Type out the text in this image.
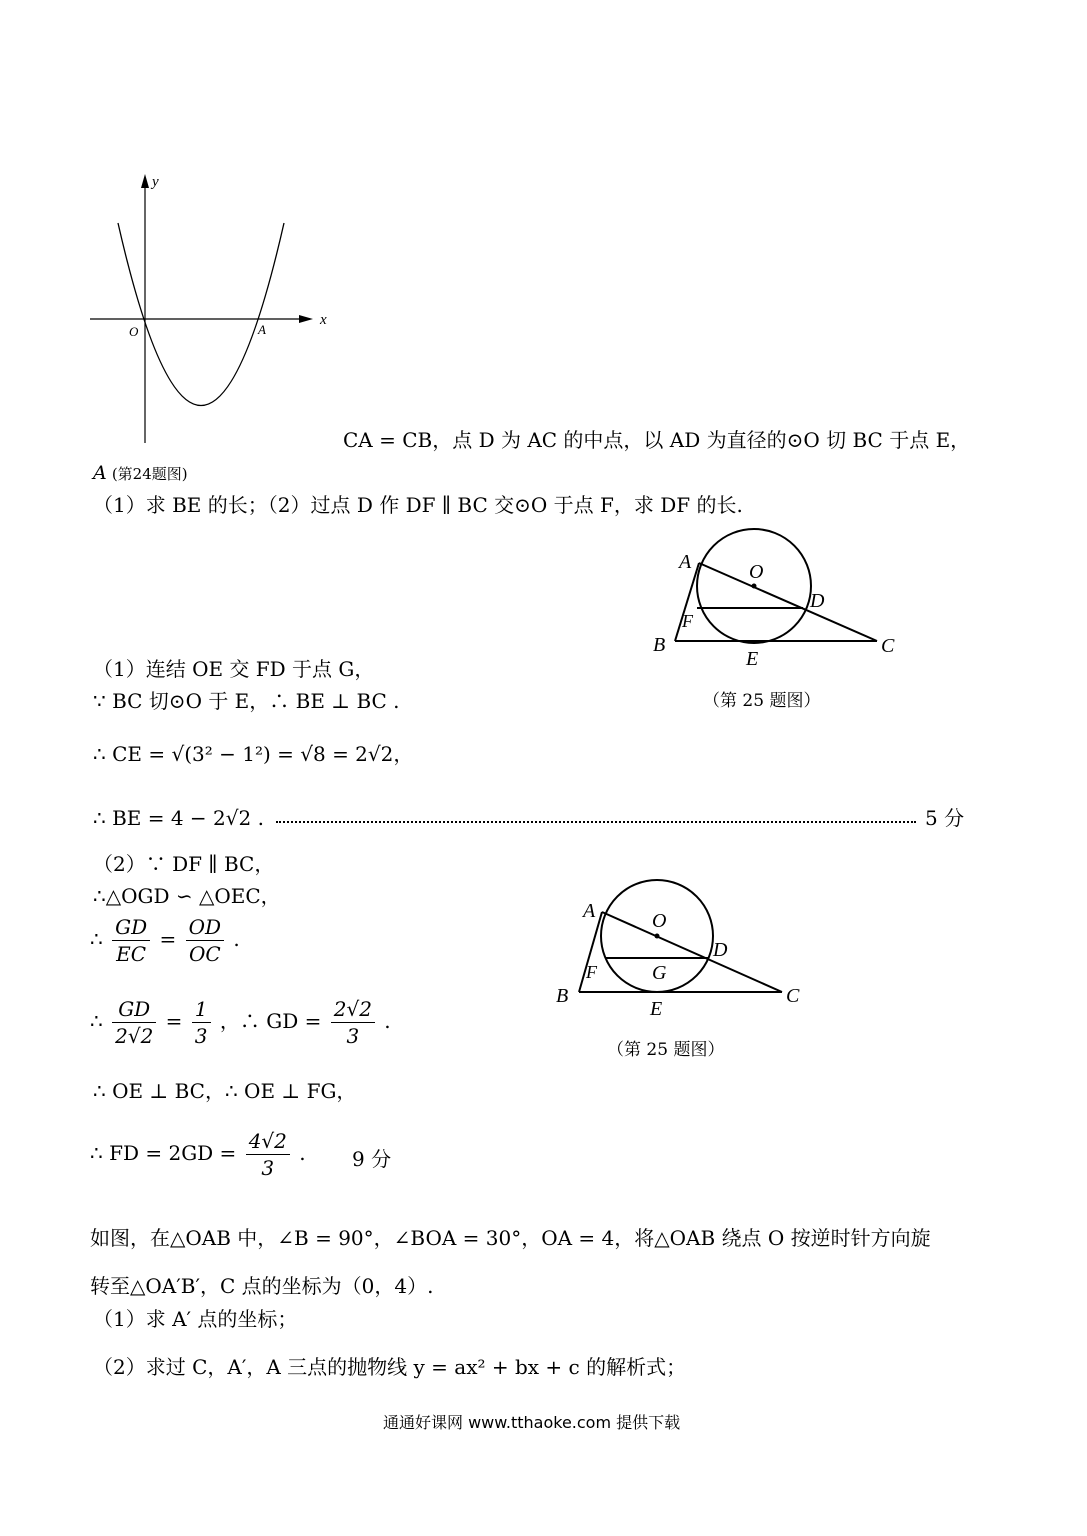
y
x
O	A
CA = CB，点 D 为 AC 的中点，以 AD 为直径的⊙O 切 BC 于点 E，
A (第24题图)
（1）求 BE 的长；（2）过点 D 作 DF ∥ BC 交⊙O 于点 F，求 DF 的长.
A	O
D
F
B
E
C
（1）连结 OE 交 FD 于点 G，
（第 25 题图）
∵ BC 切⊙O 于 E，∴ BE ⊥ BC .
∴ CE = √(3² − 1²) = √8 = 2√2，
∴ BE = 4 − 2√2 .	5 分
（2）∵ DF ∥ BC，
∴△OGD ∽ △OEC，
A	O
D
F	G
B
E
C
∴ $\frac{GD}{EC} = \frac{OD}{OC}$ .
∴ $\frac{GD}{2√2} = \frac{1}{3}$ ，∴ GD = $\frac{2√2}{3}$ .
（第 25 题图）
∴ OE ⊥ BC，∴ OE ⊥ FG，
∴ FD = $2GD = \frac{4√2}{3}$ . 9 分
如图，在△OAB 中，∠B = 90°，∠BOA = 30°，OA = 4，将△OAB 绕点 O 按逆时针方向旋
转至△OA′B′，C 点的坐标为（0，4）.
（1）求 A′ 点的坐标；
（2）求过 C，A′，A 三点的抛物线 y = ax² + bx + c 的解析式；
通通好课网 www.tthaoke.com 提供下载
